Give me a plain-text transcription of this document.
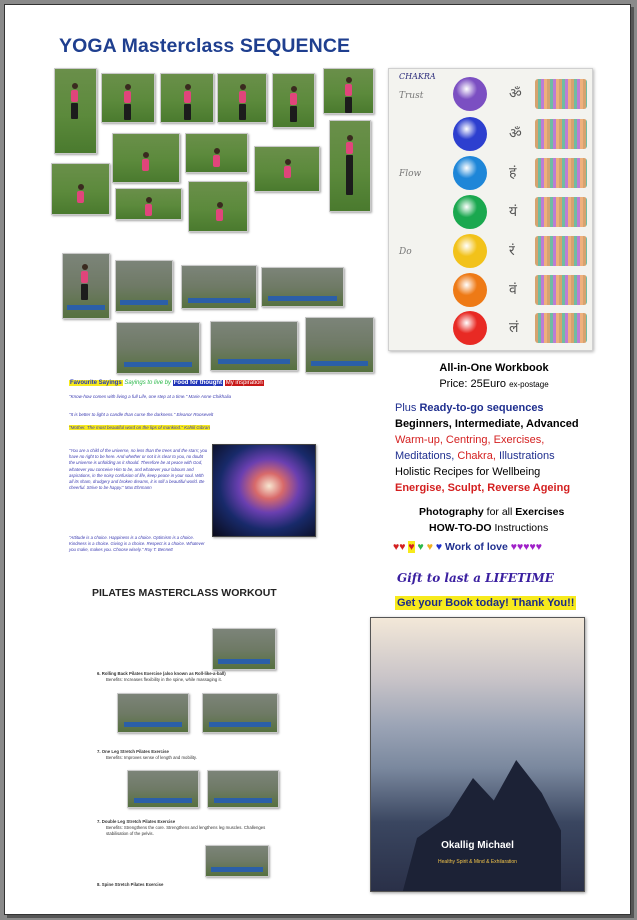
YOGA Masterclass SEQUENCE
CHAKRA
ॐ
ॐ
हं
यं
रं
वं
लं
Trust
Flow
Do
All-in-One Workbook
Price: 25Euro ex-postage
Plus Ready-to-go sequences
Beginners, Intermediate, Advanced
Warm-up, Centring, Exercises,
Meditations, Chakra, Illustrations
Holistic Recipes for Wellbeing
Energise, Sculpt, Reverse Ageing
Photography for all Exercises
HOW-TO-DO Instructions
♥♥ ♥ ♥ ♥ ♥ Work of love ♥♥♥♥♥
Gift to last a LIFETIME
Get your Book today! Thank You!!
Favourite Sayings Sayings to live by Food for thought My inspiration
"Know-how comes with living a full Life, one step at a time." Marie Anne Chikhalia
"It is better to light a candle than curse the darkness." Eleanor Roosevelt
"Mother. The most beautiful word on the lips of mankind." Kahlil Gibran
"You are a child of the universe, no less than the trees and the stars; you have no right to be here. And whether or not it is clear to you, no doubt the universe is unfolding as it should. Therefore be at peace with God, whatever you conceive Him to be, and whatever your labours and aspirations, in the noisy confusion of life, keep peace in your soul. With all its sham, drudgery and broken dreams, it is still a beautiful world. Be cheerful. Strive to be happy." Max Ehrmann
"Attitude is a choice. Happiness is a choice. Optimism is a choice. Kindness is a choice. Giving is a choice. Respect is a choice. Whatever you make, makes you. Choose wisely." Roy T. Bennett
PILATES MASTERCLASS WORKOUT
6. Rolling Back Pilates Exercise (also known as Roll-like-a-ball)
Benefits: Increases flexibility in the spine, while massaging it.
7. One Leg Stretch Pilates Exercise
Benefits: Improves sense of length and mobility.
7. Double Leg Stretch Pilates Exercise
Benefits: Strengthens the core. Strengthens and lengthens leg muscles. Challenges stabilisation of the pelvis.
8. Spine Stretch Pilates Exercise
Okallig Michael
Healthy Spirit & Mind & Exhilaration
